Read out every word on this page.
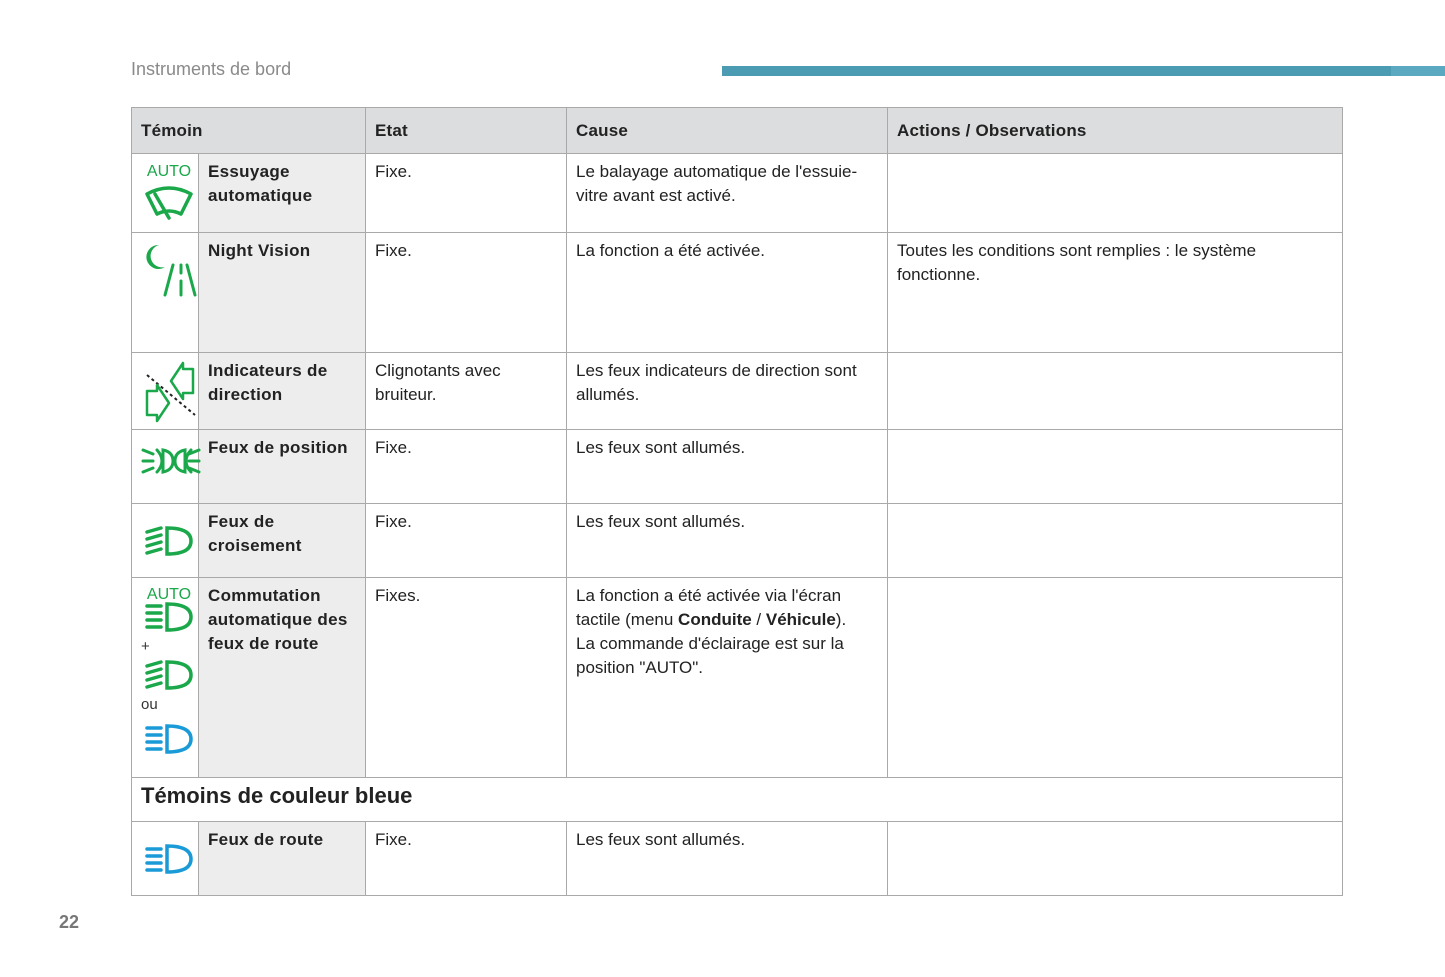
Instruments de bord
Témoin		Etat	Cause	Actions / Observations

AUTO	Essuyage automatique	Fixe.	Le balayage automatique de l'essuie-vitre avant est activé.	

	Night Vision	Fixe.	La fonction a été activée.	Toutes les conditions sont remplies : le système fonctionne.

	Indicateurs de direction	Clignotants avec bruiteur.	Les feux indicateurs de direction sont allumés.	

	Feux de position	Fixe.	Les feux sont allumés.	

	Feux de croisement	Fixe.	Les feux sont allumés.	

AUTO
+
ou	Commutation automatique des feux de route	Fixes.	La fonction a été activée via l'écran tactile (menu Conduite / Véhicule).
La commande d'éclairage est sur la position "AUTO".	
Témoins de couleur bleue				

	Feux de route	Fixe.	Les feux sont allumés.	
22
